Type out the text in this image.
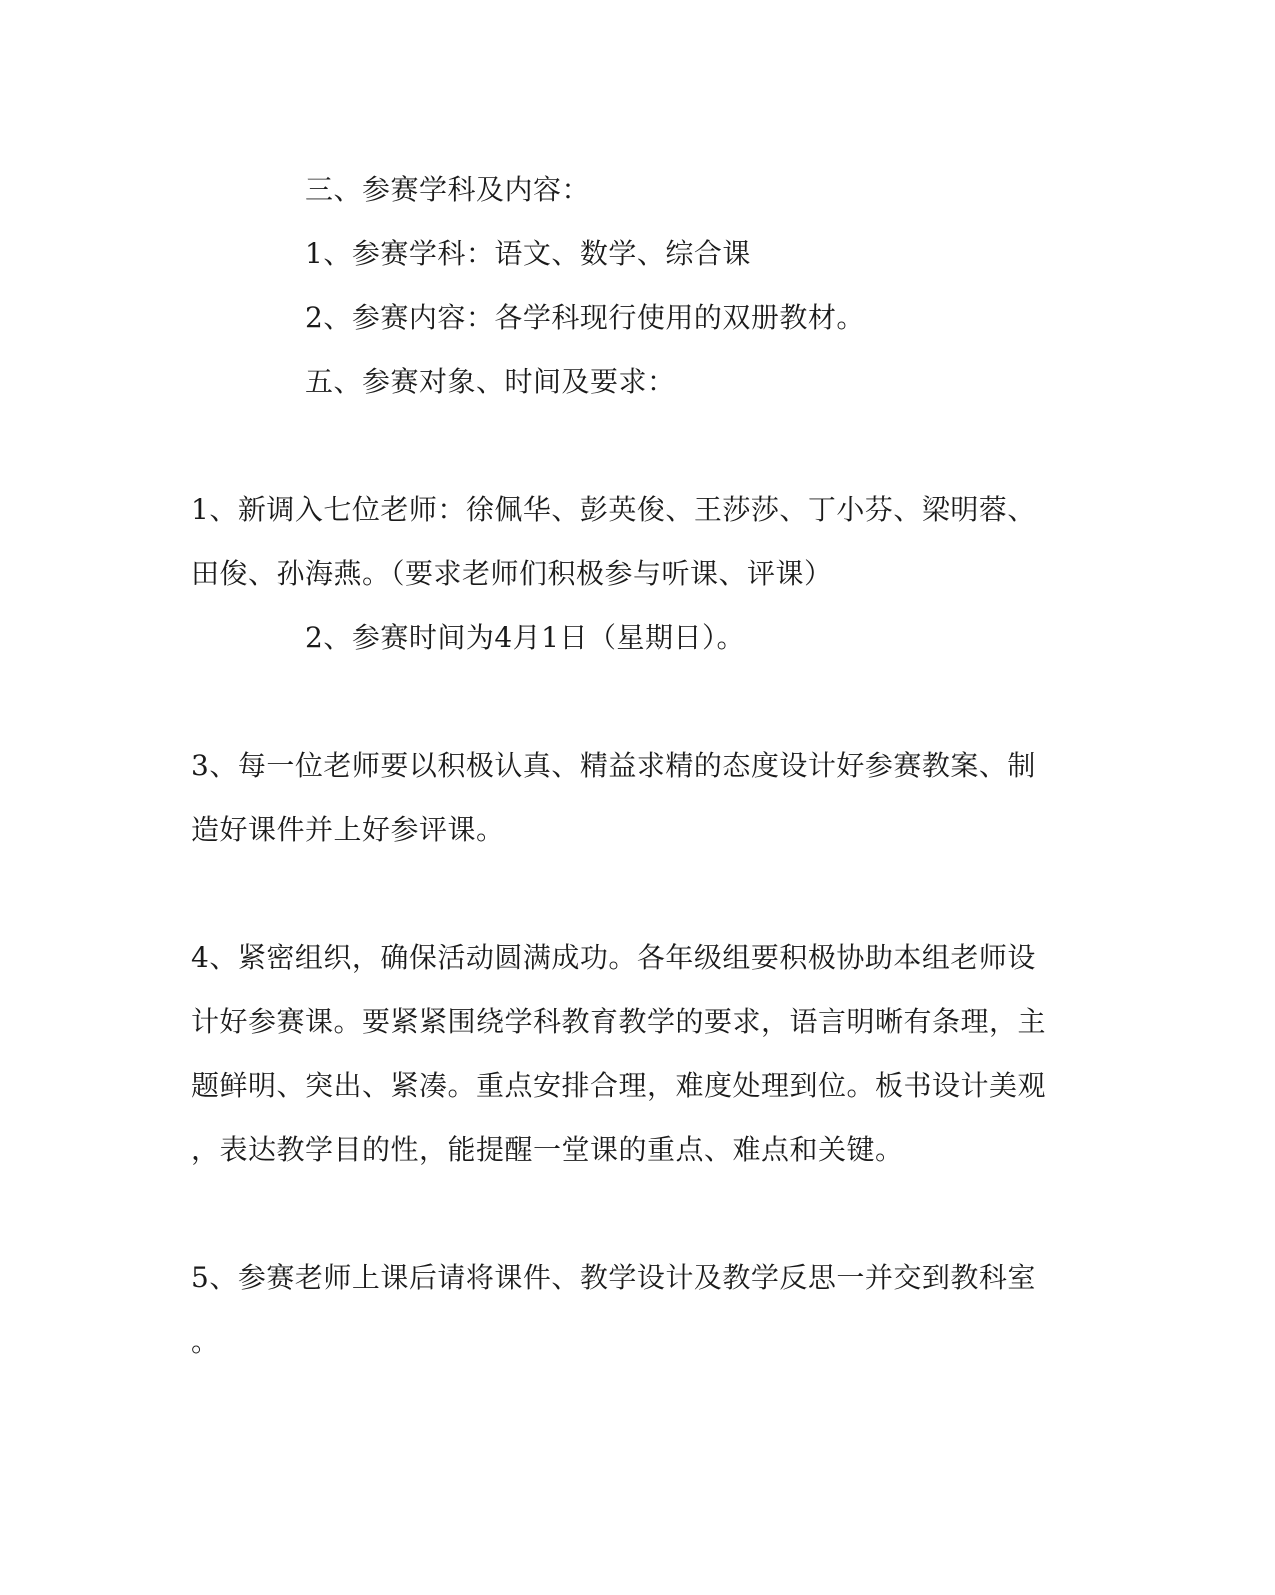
三、参赛学科及内容：
1、参赛学科：语文、数学、综合课
2、参赛内容：各学科现行使用的双册教材。
五、参赛对象、时间及要求：
1、新调入七位老师：徐佩华、彭英俊、王莎莎、丁小芬、梁明蓉、
田俊、孙海燕。（要求老师们积极参与听课、评课）
2、参赛时间为4月1日（星期日）。
3、每一位老师要以积极认真、精益求精的态度设计好参赛教案、制
造好课件并上好参评课。
4、紧密组织，确保活动圆满成功。各年级组要积极协助本组老师设
计好参赛课。要紧紧围绕学科教育教学的要求，语言明晰有条理，主
题鲜明、突出、紧凑。重点安排合理，难度处理到位。板书设计美观
，表达教学目的性，能提醒一堂课的重点、难点和关键。
5、参赛老师上课后请将课件、教学设计及教学反思一并交到教科室
。
